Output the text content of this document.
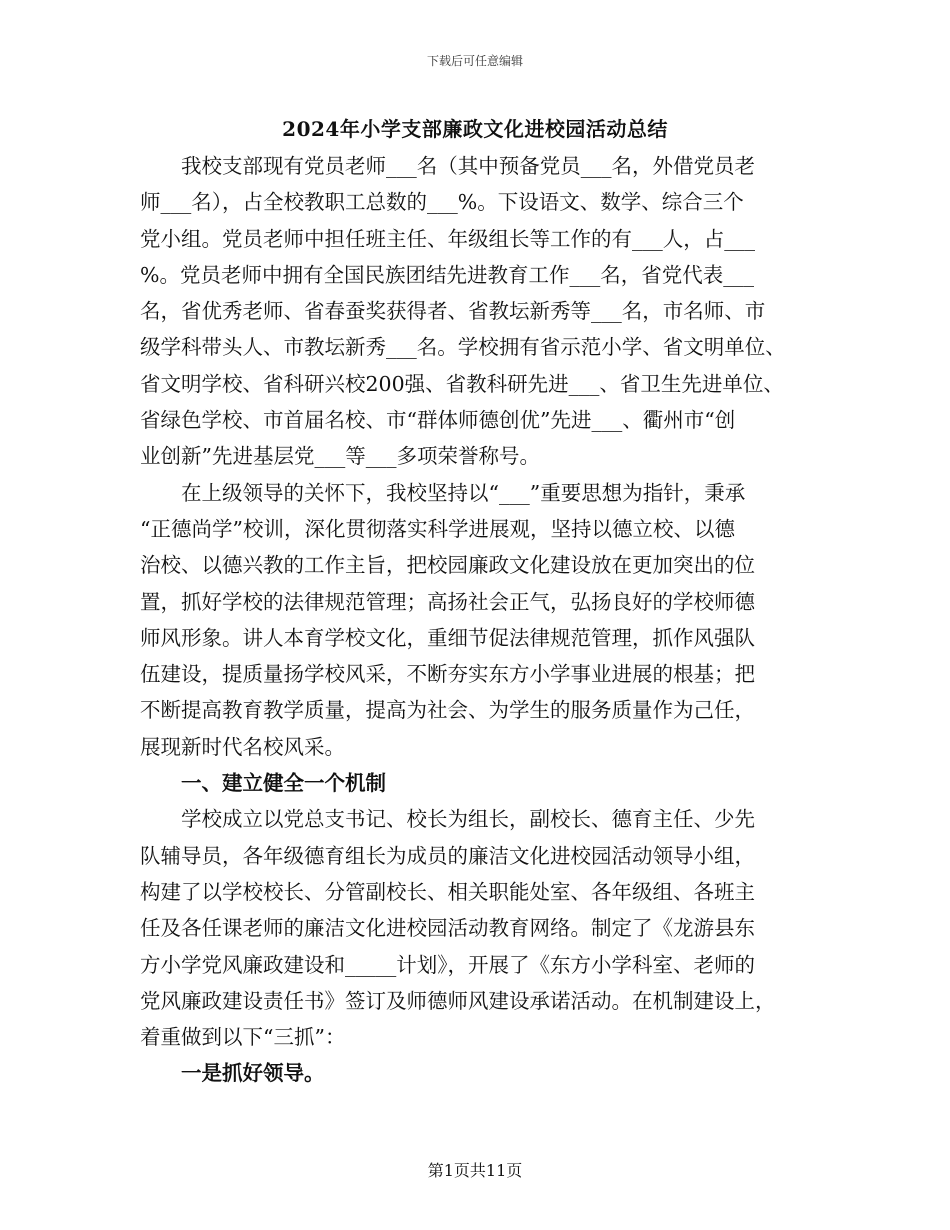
下载后可任意编辑
2024年小学支部廉政文化进校园活动总结
我校支部现有党员老师___名（其中预备党员___名，外借党员老
师___名），占全校教职工总数的___%。下设语文、数学、综合三个
党小组。党员老师中担任班主任、年级组长等工作的有___人，占___
%。党员老师中拥有全国民族团结先进教育工作___名，省党代表___
名，省优秀老师、省春蚕奖获得者、省教坛新秀等___名，市名师、市
级学科带头人、市教坛新秀___名。学校拥有省示范小学、省文明单位、
省文明学校、省科研兴校200强、省教科研先进___、省卫生先进单位、
省绿色学校、市首届名校、市“群体师德创优”先进___、衢州市“创
业创新”先进基层党___等___多项荣誉称号。
在上级领导的关怀下，我校坚持以“___”重要思想为指针，秉承
“正德尚学”校训，深化贯彻落实科学进展观，坚持以德立校、以德
治校、以德兴教的工作主旨，把校园廉政文化建设放在更加突出的位
置，抓好学校的法律规范管理；高扬社会正气，弘扬良好的学校师德
师风形象。讲人本育学校文化，重细节促法律规范管理，抓作风强队
伍建设，提质量扬学校风采，不断夯实东方小学事业进展的根基；把
不断提高教育教学质量，提高为社会、为学生的服务质量作为己任，
展现新时代名校风采。
一、建立健全一个机制
学校成立以党总支书记、校长为组长，副校长、德育主任、少先
队辅导员，各年级德育组长为成员的廉洁文化进校园活动领导小组，
构建了以学校校长、分管副校长、相关职能处室、各年级组、各班主
任及各任课老师的廉洁文化进校园活动教育网络。制定了《龙游县东
方小学党风廉政建设和_____计划》，开展了《东方小学科室、老师的
党风廉政建设责任书》签订及师德师风建设承诺活动。在机制建设上，
着重做到以下“三抓”：
一是抓好领导。
第1页共11页
